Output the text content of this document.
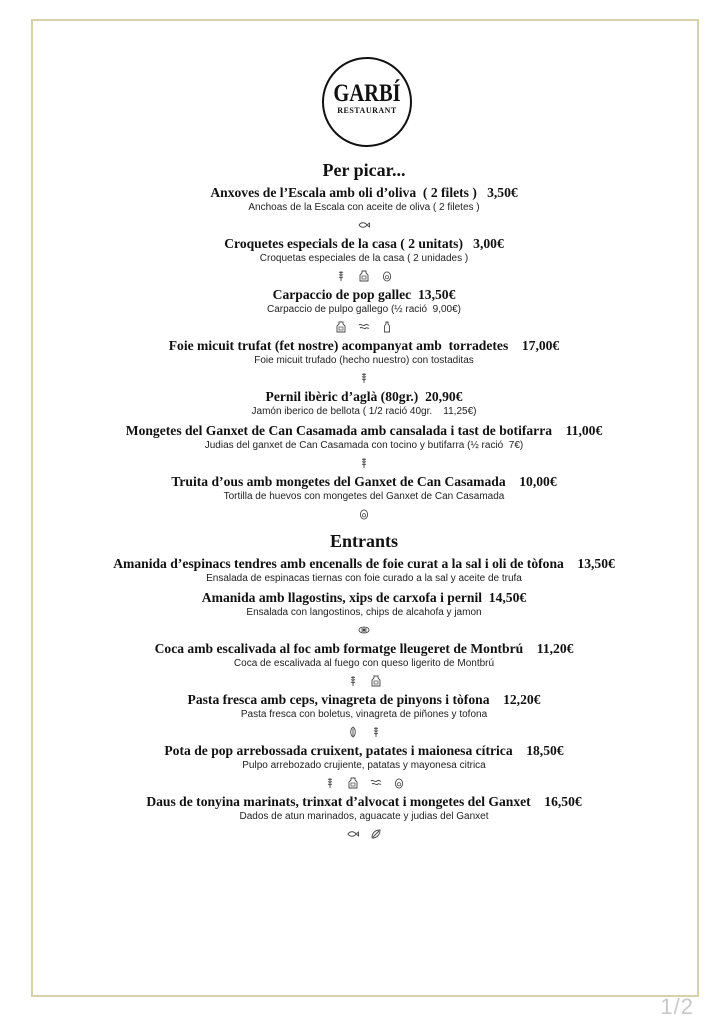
GARBÍ
RESTAURANT
Per picar...
Anxoves de l’Escala amb oli d’oliva  ( 2 filets )   3,50€
Anchoas de la Escala con aceite de oliva ( 2 filetes )
Croquetes especials de la casa ( 2 unitats)   3,00€
Croquetas especiales de la casa ( 2 unidades )
Carpaccio de pop gallec  13,50€
Carpaccio de pulpo gallego (½ ració  9,00€)
Foie micuit trufat (fet nostre) acompanyat amb  torradetes    17,00€
Foie micuit trufado (hecho nuestro) con tostaditas
Pernil ibèric d’aglà (80gr.)  20,90€
Jamón iberico de bellota ( 1/2 ració 40gr.    11,25€)
Mongetes del Ganxet de Can Casamada amb cansalada i tast de botifarra    11,00€
Judias del ganxet de Can Casamada con tocino y butifarra (½ ració  7€)
Truita d’ous amb mongetes del Ganxet de Can Casamada    10,00€
Tortilla de huevos con mongetes del Ganxet de Can Casamada
Entrants
Amanida d’espinacs tendres amb encenalls de foie curat a la sal i oli de tòfona    13,50€
Ensalada de espinacas tiernas con foie curado a la sal y aceite de trufa
Amanida amb llagostins, xips de carxofa i pernil  14,50€
Ensalada con langostinos, chips de alcahofa y jamon
Coca amb escalivada al foc amb formatge lleugeret de Montbrú    11,20€
Coca de escalivada al fuego con queso ligerito de Montbrú
Pasta fresca amb ceps, vinagreta de pinyons i tòfona    12,20€
Pasta fresca con boletus, vinagreta de piñones y tofona
Pota de pop arrebossada cruixent, patates i maionesa cítrica    18,50€
Pulpo arrebozado crujiente, patatas y mayonesa citrica
Daus de tonyina marinats, trinxat d’alvocat i mongetes del Ganxet    16,50€
Dados de atun marinados, aguacate y judias del Ganxet
1/2
